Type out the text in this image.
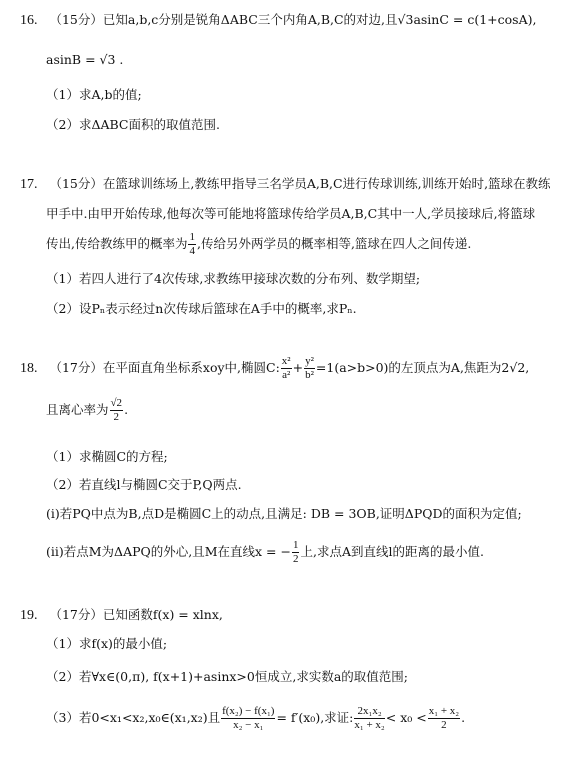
16. （15分）已知a,b,c分别是锐角ΔABC三个内角A,B,C的对边,且√3asinC = c(1+cosA),
asinB = √3 .
（1）求A,b的值;
（2）求ΔABC面积的取值范围.
17. （15分）在篮球训练场上,教练甲指导三名学员A,B,C进行传球训练,训练开始时,篮球在教练
甲手中.由甲开始传球,他每次等可能地将篮球传给学员A,B,C其中一人,学员接球后,将篮球
传出,传给教练甲的概率为 $\frac{1}{4}$ ,传给另外两学员的概率相等,篮球在四人之间传递.
（1）若四人进行了4次传球,求教练甲接球次数的分布列、数学期望;
（2）设Pₙ表示经过n次传球后篮球在A手中的概率,求Pₙ.
18. （17分）在平面直角坐标系xoy中,椭圆C: $\frac{\text{x²}}{\text{a²}} + \frac{\text{y²}}{\text{b²}} =1(a>b>0)$的左顶点为A,焦距为2√2,
且离心率为 $\frac{√2}{2}$ .
（1）求椭圆C的方程;
（2）若直线l与椭圆C交于P,Q两点.
(ⅰ)若PQ中点为B,点D是椭圆C上的动点,且满足: DB = 3OB,证明ΔPQD的面积为定值;
(ⅱ)若点M为ΔAPQ的外心,且M在直线x = − $\frac{1}{2}$ 上,求点A到直线l的距离的最小值.
19. （17分）已知函数f(x) = xlnx,
（1）求f(x)的最小值;
（2）若∀x∈(0,π), f(x+1)+asinx>0恒成立,求实数a的取值范围;
（3）若0<x₁<x₂,x₀∈(x₁,x₂)且 $\frac{\text{f(x₂) − f(x₁)}}{\text{x₂ − x₁}} = f'(x_0)$,求证: $\frac{\text{2x₁x₂}}{\text{x₁ + x₂}} < x_0 < \frac{\text{x₁ + x₂}}{2}$ .
